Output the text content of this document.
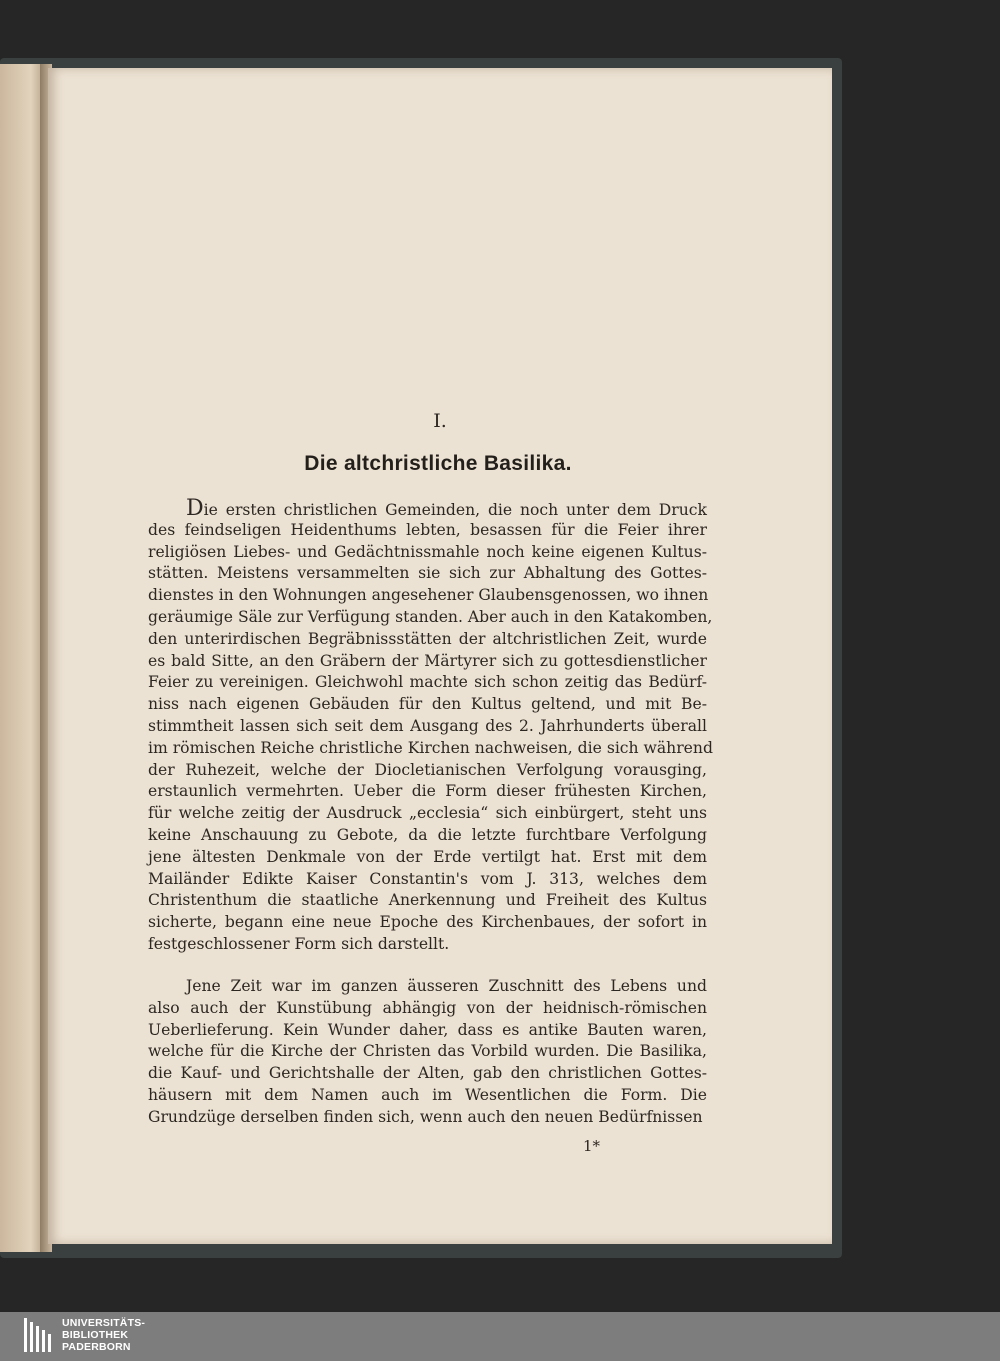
I.
Die altchristliche Basilika.
Die ersten christlichen Gemeinden, die noch unter dem Druck
des feindseligen Heidenthums lebten, besassen für die Feier ihrer
religiösen Liebes- und Gedächtnissmahle noch keine eigenen Kultus-
stätten. Meistens versammelten sie sich zur Abhaltung des Gottes-
dienstes in den Wohnungen angesehener Glaubensgenossen, wo ihnen
geräumige Säle zur Verfügung standen. Aber auch in den Katakomben,
den unterirdischen Begräbnissstätten der altchristlichen Zeit, wurde
es bald Sitte, an den Gräbern der Märtyrer sich zu gottesdienstlicher
Feier zu vereinigen. Gleichwohl machte sich schon zeitig das Bedürf-
niss nach eigenen Gebäuden für den Kultus geltend, und mit Be-
stimmtheit lassen sich seit dem Ausgang des 2. Jahrhunderts überall
im römischen Reiche christliche Kirchen nachweisen, die sich während
der Ruhezeit, welche der Diocletianischen Verfolgung vorausging,
erstaunlich vermehrten. Ueber die Form dieser frühesten Kirchen,
für welche zeitig der Ausdruck „ecclesia“ sich einbürgert, steht uns
keine Anschauung zu Gebote, da die letzte furchtbare Verfolgung
jene ältesten Denkmale von der Erde vertilgt hat. Erst mit dem
Mailänder Edikte Kaiser Constantin's vom J. 313, welches dem
Christenthum die staatliche Anerkennung und Freiheit des Kultus
sicherte, begann eine neue Epoche des Kirchenbaues, der sofort in
festgeschlossener Form sich darstellt.
Jene Zeit war im ganzen äusseren Zuschnitt des Lebens und
also auch der Kunstübung abhängig von der heidnisch-römischen
Ueberlieferung. Kein Wunder daher, dass es antike Bauten waren,
welche für die Kirche der Christen das Vorbild wurden. Die Basilika,
die Kauf- und Gerichtshalle der Alten, gab den christlichen Gottes-
häusern mit dem Namen auch im Wesentlichen die Form. Die
Grundzüge derselben finden sich, wenn auch den neuen Bedürfnissen
1*
UNIVERSITÄTS-
BIBLIOTHEK
PADERBORN
